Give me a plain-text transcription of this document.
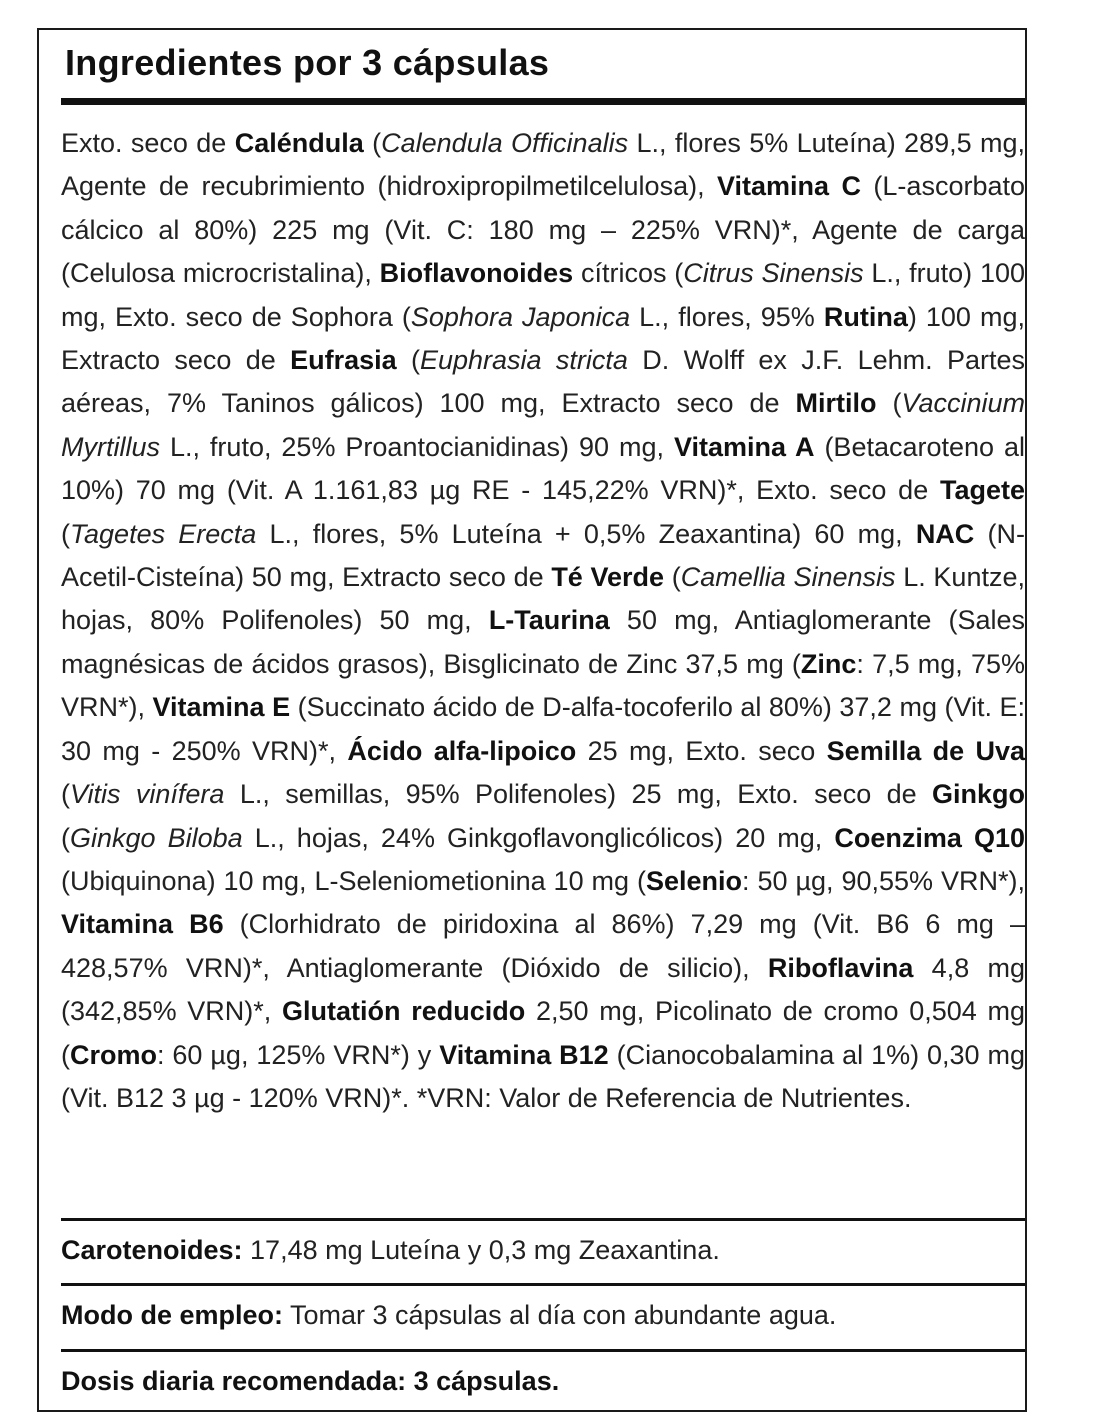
Ingredientes por 3 cápsulas

Exto. seco de Caléndula (Calendula Officinalis L., flores 5% Luteína) 289,5 mg, Agente de recubrimiento (hidroxipropilmetilcelulosa), Vitamina C (L-ascorbato cálcico al 80%) 225 mg (Vit. C: 180 mg – 225% VRN)*, Agente de carga (Celulosa microcristalina), Bioflavonoides cítricos (Citrus Sinensis L., fruto) 100 mg, Exto. seco de Sophora (Sophora Japonica L., flores, 95% Rutina) 100 mg, Extracto seco de Eufrasia (Euphrasia stricta D. Wolff ex J.F. Lehm. Partes aéreas, 7% Taninos gálicos) 100 mg, Extracto seco de Mirtilo (Vaccinium Myrtillus L., fruto, 25% Proantocianidinas) 90 mg, Vitamina A (Betacaroteno al 10%) 70 mg (Vit. A 1.161,83 µg RE - 145,22% VRN)*, Exto. seco de Tagete (Tagetes Erecta L., flores, 5% Luteína + 0,5% Zeaxantina) 60 mg, NAC (N-Acetil-Cisteína) 50 mg, Extracto seco de Té Verde (Camellia Sinensis L. Kuntze, hojas, 80% Polifenoles) 50 mg, L-Taurina 50 mg, Antiaglomerante (Sales magnésicas de ácidos grasos), Bisglicinato de Zinc 37,5 mg (Zinc: 7,5 mg, 75% VRN*), Vitamina E (Succinato ácido de D-alfa-tocoferilo al 80%) 37,2 mg (Vit. E: 30 mg - 250% VRN)*, Ácido alfa-lipoico 25 mg, Exto. seco Semilla de Uva (Vitis vinífera L., semillas, 95% Polifenoles) 25 mg, Exto. seco de Ginkgo (Ginkgo Biloba L., hojas, 24% Ginkgoflavonglicólicos) 20 mg, Coenzima Q10 (Ubiquinona) 10 mg, L-Seleniometionina 10 mg (Selenio: 50 µg, 90,55% VRN*), Vitamina B6 (Clorhidrato de piridoxina al 86%) 7,29 mg (Vit. B6 6 mg – 428,57% VRN)*, Antiaglomerante (Dióxido de silicio), Riboflavina 4,8 mg (342,85% VRN)*, Glutatión reducido 2,50 mg, Picolinato de cromo 0,504 mg (Cromo: 60 µg, 125% VRN*) y Vitamina B12 (Cianocobalamina al 1%) 0,30 mg (Vit. B12 3 µg - 120% VRN)*. *VRN: Valor de Referencia de Nutrientes.

Carotenoides: 17,48 mg Luteína y 0,3 mg Zeaxantina.
Modo de empleo: Tomar 3 cápsulas al día con abundante agua.
Dosis diaria recomendada: 3 cápsulas.
